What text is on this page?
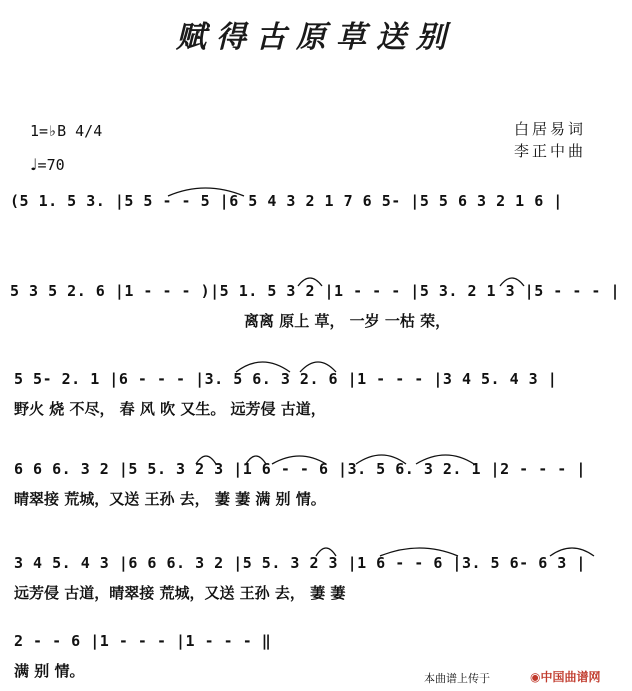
赋得古原草送别
1=♭B 4/4
♩=70
白居易词
李正中曲
(5 1. 5 3. |5 5 - - 5 |6 5 4 3 2 1 7 6 5- |5 5 6 3 2 1 6 |
5 3 5 2. 6 |1 - - - )|5 1. 5 3 2 |1 - - - |5 3. 2 1 3 |5 - - - |
离离 原上 草， 一岁 一枯 荣，
5 5- 2. 1 |6 - - - |3. 5 6. 3 2. 6 |1 - - - |3 4 5. 4 3 |
野火 烧 不尽， 春 风 吹 又生。 远芳侵 古道，
6 6 6. 3 2 |5 5. 3 2 3 |1 6 - - 6 |3. 5 6. 3 2. 1 |2 - - - |
晴翠接 荒城，又送 王孙 去， 萋 萋 满 别 情。
3 4 5. 4 3 |6 6 6. 3 2 |5 5. 3 2 3 |1 6 - - 6 |3. 5 6- 6 3 |
远芳侵 古道，晴翠接 荒城，又送 王孙 去， 萋 萋
2 - - 6 |1 - - - |1 - - - ‖
满 别 情。	本曲谱上传于	◉中国曲谱网
